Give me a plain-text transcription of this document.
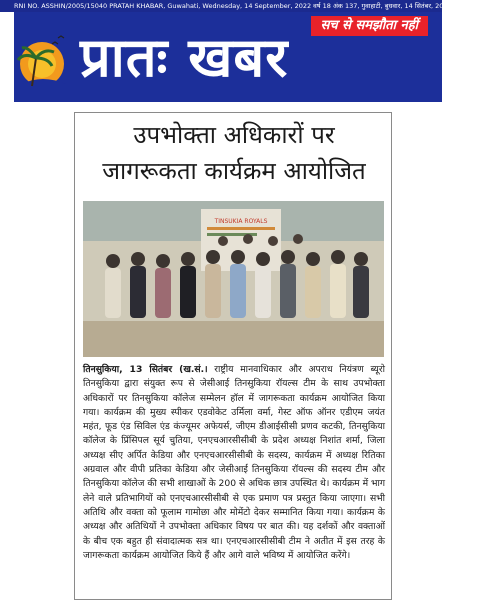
RNI NO. ASSHIN/2005/15040 PRATAH KHABAR, Guwahati, Wednesday, 14 September, 2022 वर्ष 18 अंक 137, गुवाहाटी, बुधवार, 14 सितंबर, 2022, विक्रम संवत् 2079
प्रातः खबर
सच से समझौता नहीं
उपभोक्ता अधिकारों पर जागरूकता कार्यक्रम आयोजित
TINSUKIA ROYALS
तिनसुकिया, 13 सितंबर (ख.सं.। राष्ट्रीय मानवाधिकार और अपराध नियंत्रण ब्यूरो तिनसुकिया द्वारा संयुक्त रूप से जेसीआई तिनसुकिया रॉयल्स टीम के साथ उपभोक्ता अधिकारों पर तिनसुकिया कॉलेज सम्मेलन हॉल में जागरूकता कार्यक्रम आयोजित किया गया। कार्यक्रम की मुख्य स्पीकर एडवोकेट उर्मिला वर्मा, गेस्ट ऑफ ऑनर एडीएम जयंत महंत, फूड एंड सिविल एंड कंज्यूमर अफेयर्स, जीएम डीआईसीसी प्रणव कटकी, तिनसुकिया कॉलेज के प्रिंसिपल सूर्य चुतिया, एनएचआरसीसीबी के प्रदेश अध्यक्ष निशांत शर्मा, जिला अध्यक्ष सीए अर्पित केडिया और एनएचआरसीसीबी के सदस्य, कार्यक्रम में अध्यक्ष रितिका अग्रवाल और वीपी प्रतिका केडिया और जेसीआई तिनसुकिया रॉयल्स की सदस्य टीम और तिनसुकिया कॉलेज की सभी शाखाओं के 200 से अधिक छात्र उपस्थित थे। कार्यक्रम में भाग लेने वाले प्रतिभागियों को एनएचआरसीसीबी से एक प्रमाण पत्र प्रस्तुत किया जाएगा। सभी अतिथि और वक्ता को फूलाम गामोछा और मोमेंटो देकर सम्मानित किया गया। कार्यक्रम के अध्यक्ष और अतिथियों ने उपभोक्ता अधिकार विषय पर बात की। यह दर्शकों और वक्ताओं के बीच एक बहुत ही संवादात्मक सत्र था। एनएचआरसीसीबी टीम ने अतीत में इस तरह के जागरूकता कार्यक्रम आयोजित किये हैं और आगे वाले भविष्य में आयोजित करेंगे।
